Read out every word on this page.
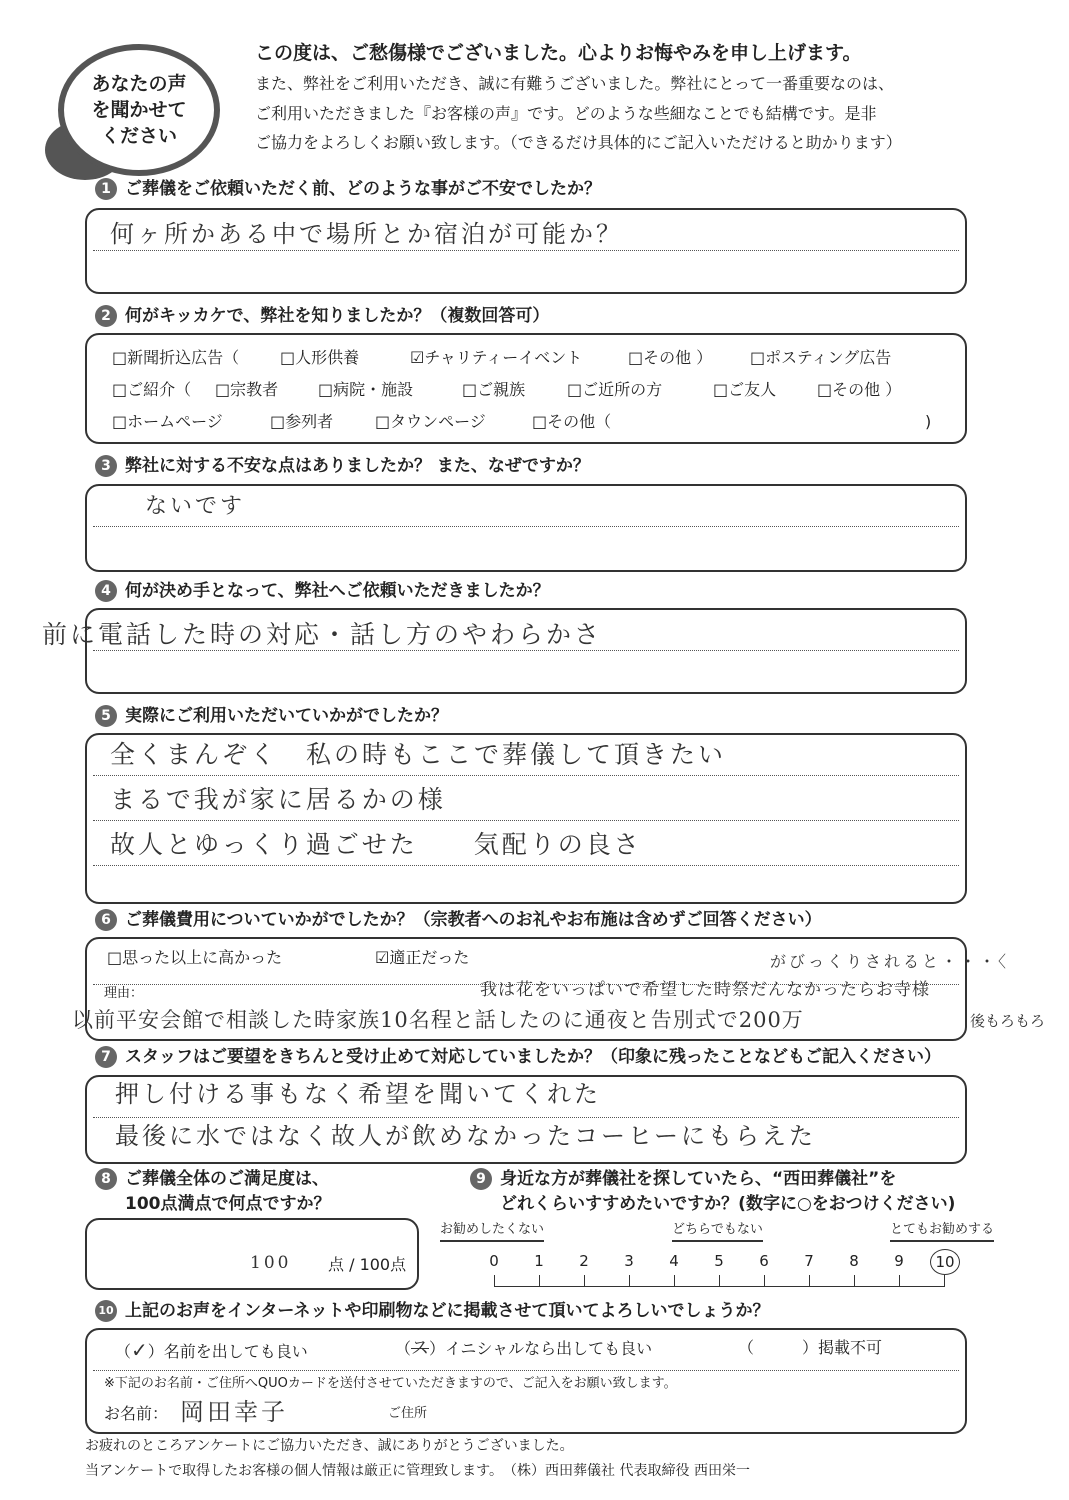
あなたの声を聞かせてください
この度は、ご愁傷様でございました。心よりお悔やみを申し上げます。
また、弊社をご利用いただき、誠に有難うございました。弊社にとって一番重要なのは、
ご利用いただきました『お客様の声』です。どのような些細なことでも結構です。是非
ご協力をよろしくお願い致します。（できるだけ具体的にご記入いただけると助かります）
1 ご葬儀をご依頼いただく前、どのような事がご不安でしたか？
何ヶ所かある中で場所とか宿泊が可能か？
2 何がキッカケで、弊社を知りましたか？（複数回答可）
□新聞折込広告（	□人形供養	☑チャリティーイベント	□その他 ） □ポスティング広告
□ご紹介（ □宗教者 □病院・施設	□ご親族	□ご近所の方	□ご友人	□その他 ）
□ホームページ	□参列者	□タウンページ	□その他（	)
3 弊社に対する不安な点はありましたか？ また、なぜですか？
ないです
4 何が決め手となって、弊社へご依頼いただきましたか？
前に電話した時の対応・話し方のやわらかさ
5 実際にご利用いただいていかがでしたか？
全くまんぞく　私の時もここで葬儀して頂きたい
まるで我が家に居るかの様
故人とゆっくり過ごせた　　気配りの良さ
6 ご葬儀費用についていかがでしたか？（宗教者へのお礼やお布施は含めずご回答ください）
□思った以上に高かった	☑適正だった
理由：
がびっくりされると・・・〈
我は花をいっぱいで希望した時祭だんなかったらお寺様
以前平安会館で相談した時家族10名程と話したのに通夜と告別式で200万	後もろもろ
7 スタッフはご要望をきちんと受け止めて対応していましたか？（印象に残ったことなどもご記入ください）
押し付ける事もなく希望を聞いてくれた
最後に水ではなく故人が飲めなかったコーヒーにもらえた
8 ご葬儀全体のご満足度は、
100点満点で何点ですか？
100 点 / 100点
9 身近な方が葬儀社を探していたら、“西田葬儀社”を
どれくらいすすめたいですか？(数字に○をおつけください)
お勧めしたくない	どちらでもない	とてもお勧めする
0	1	2	3	4	5	6	7	8	9	10
10 上記のお声をインターネットや印刷物などに掲載させて頂いてよろしいでしょうか？
（✓）名前を出しても良い	（ス）イニシャルなら出しても良い	（　　　）掲載不可
※下記のお名前・ご住所へQUOカードを送付させていただきますので、ご記入をお願い致します。
お名前： 岡田幸子	ご住所
お疲れのところアンケートにご協力いただき、誠にありがとうございました。
当アンケートで取得したお客様の個人情報は厳正に管理致します。　（株）西田葬儀社 代表取締役 西田栄一
